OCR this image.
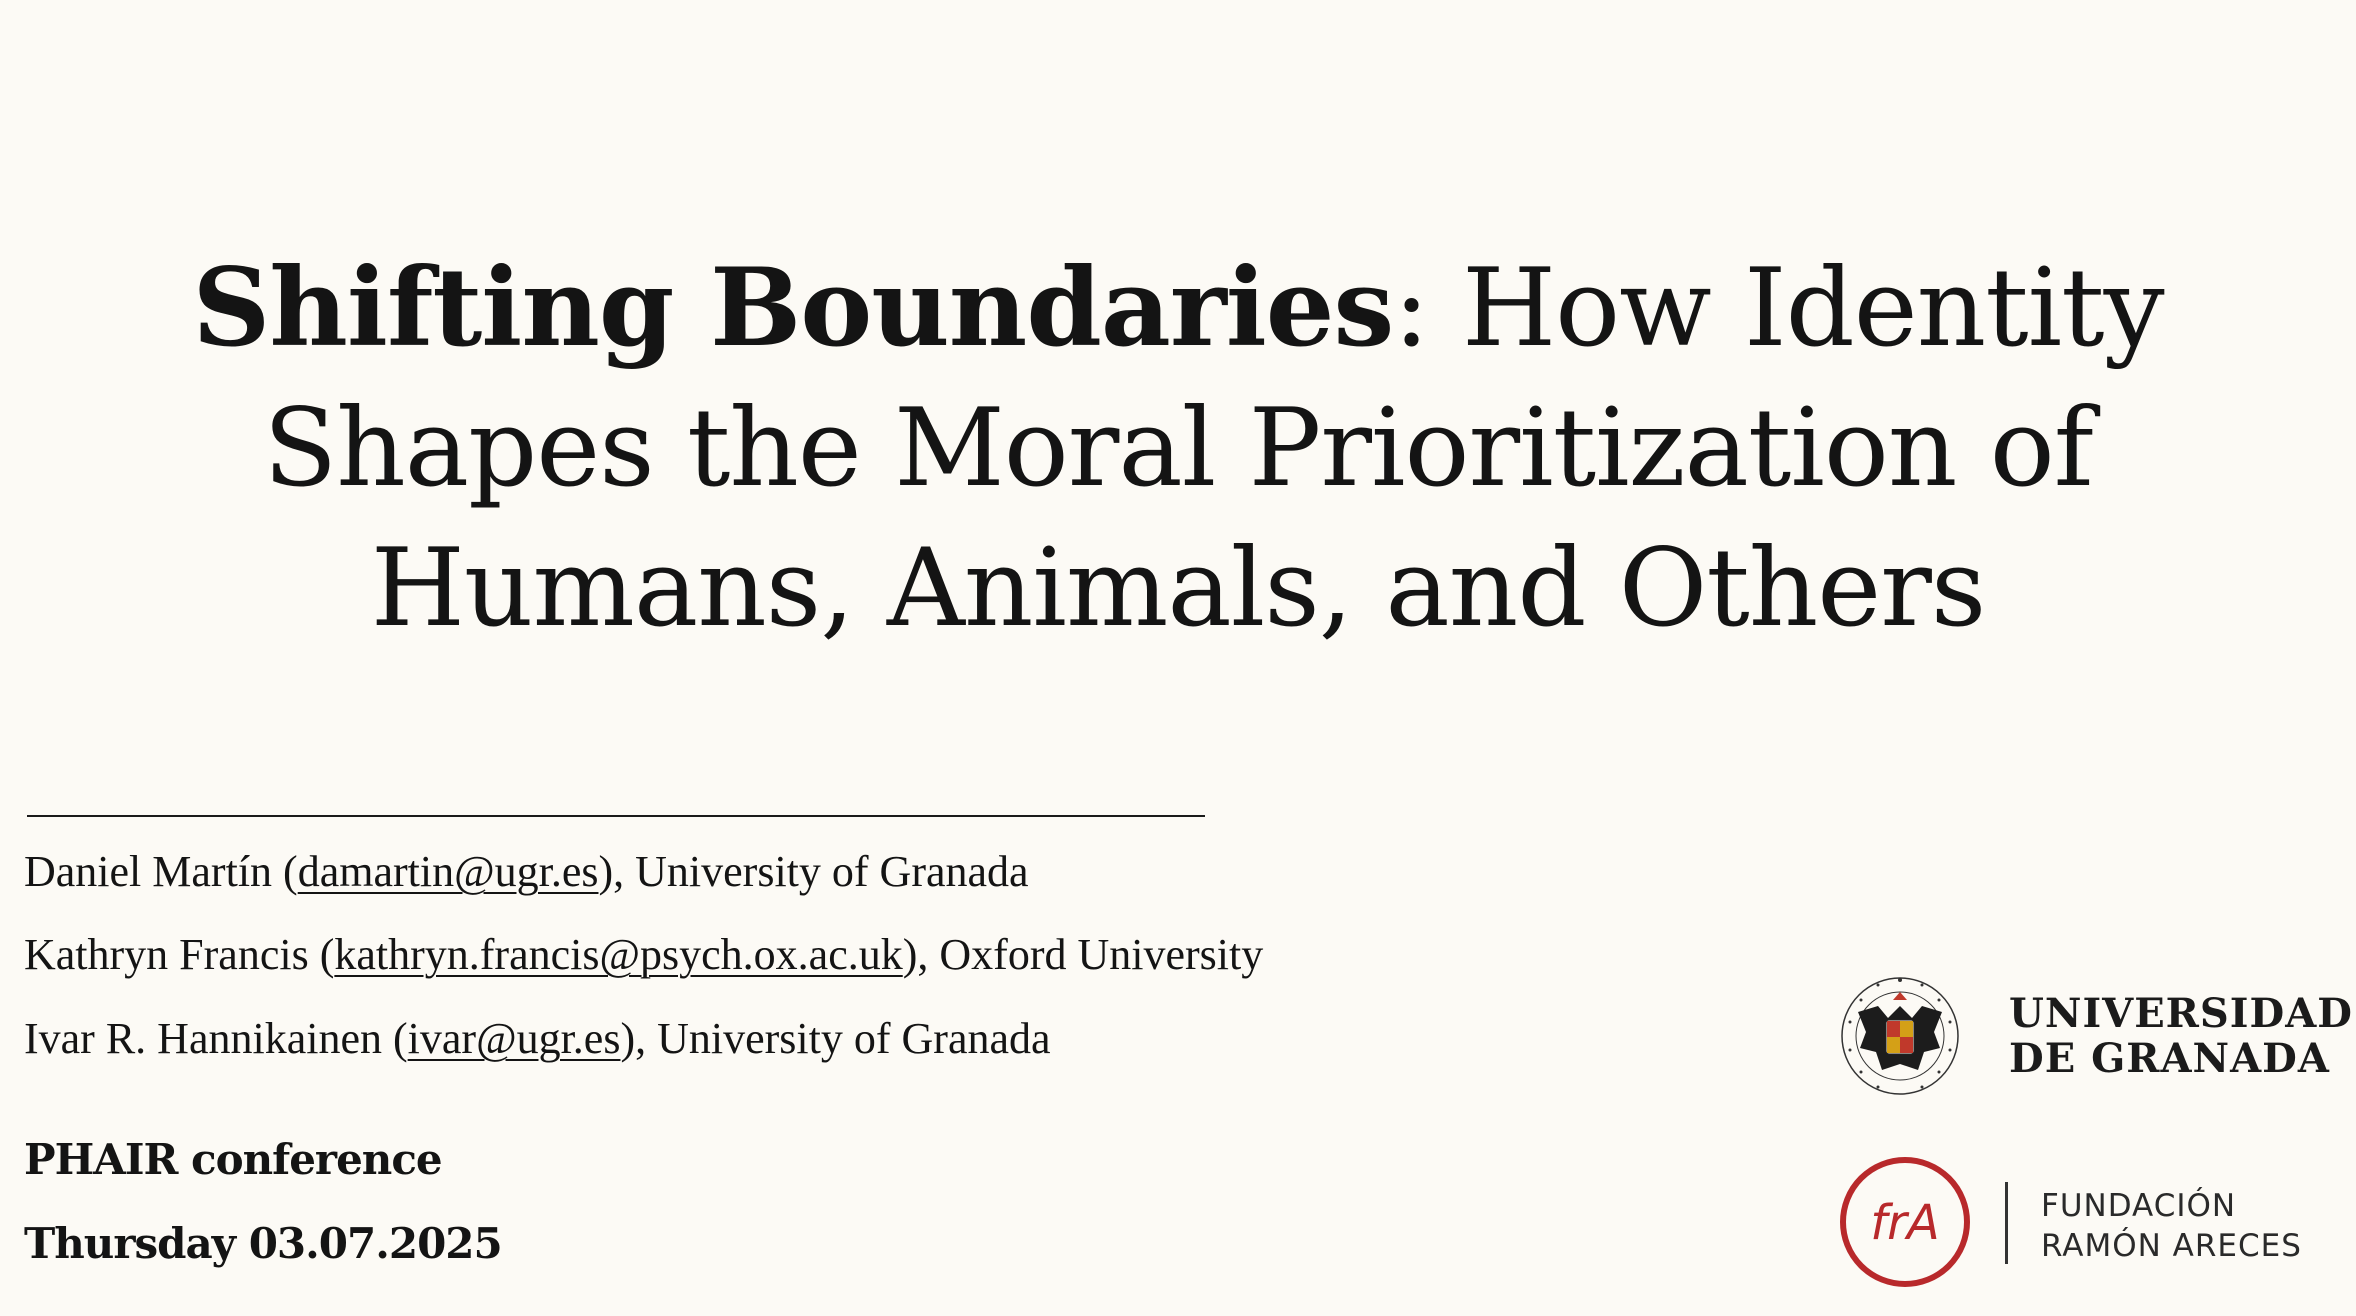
Shifting Boundaries: How Identity
Shapes the Moral Prioritization of
Humans, Animals, and Others
Daniel Martín (damartin@ugr.es), University of Granada
Kathryn Francis (kathryn.francis@psych.ox.ac.uk), Oxford University
Ivar R. Hannikainen (ivar@ugr.es), University of Granada
PHAIR conference
Thursday 03.07.2025
UNIVERSIDAD
DE GRANADA
frA	FUNDACIÓN
RAMÓN ARECES
